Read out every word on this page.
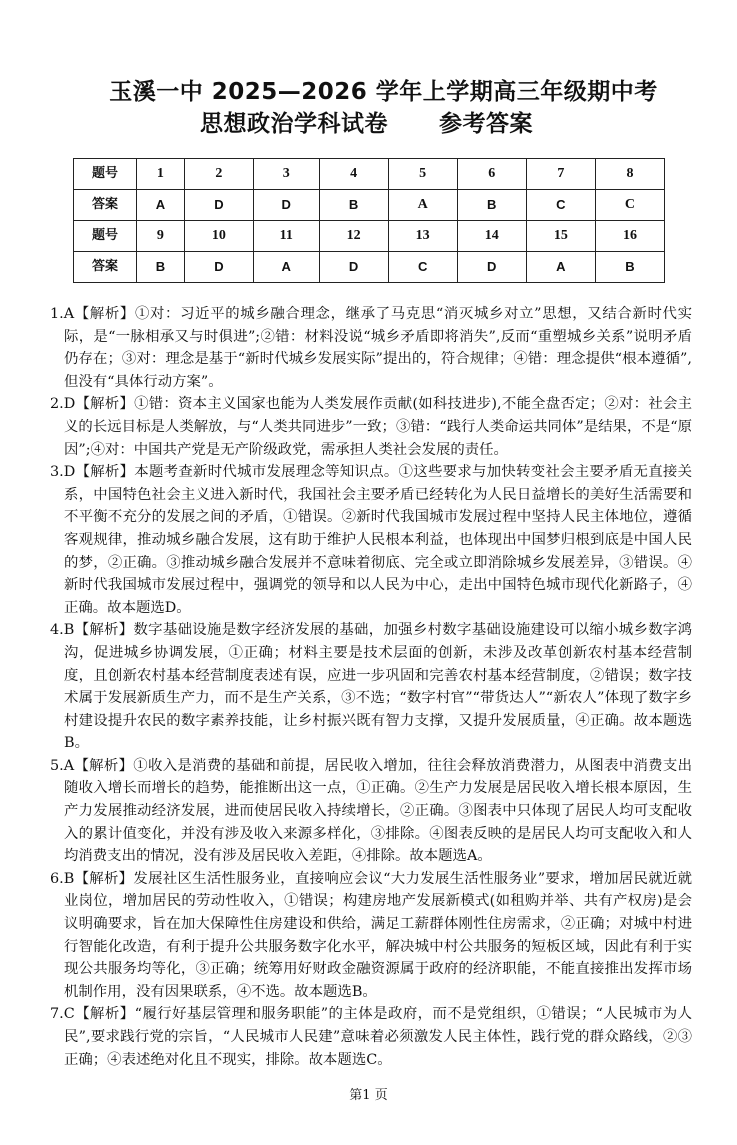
玉溪一中 2025—2026 学年上学期高三年级期中考
思想政治学科试卷      参考答案
题号	1	2	3	4	5	6	7	8
答案	A	D	D	B	A	B	C	C
题号	9	10	11	12	13	14	15	16
答案	B	D	A	D	C	D	A	B

1.A【解析】①对：习近平的城乡融合理念，继承了马克思“消灭城乡对立”思想，又结合新时代实际，是“一脉相承又与时俱进”;②错：材料没说“城乡矛盾即将消失”,反而“重塑城乡关系”说明矛盾仍存在；③对：理念是基于“新时代城乡发展实际”提出的，符合规律；④错：理念提供“根本遵循”,但没有“具体行动方案”。

2.D【解析】①错：资本主义国家也能为人类发展作贡献(如科技进步),不能全盘否定；②对：社会主义的长远目标是人类解放，与“人类共同进步”一致；③错：“践行人类命运共同体”是结果，不是“原因”;④对：中国共产党是无产阶级政党，需承担人类社会发展的责任。

3.D【解析】本题考查新时代城市发展理念等知识点。①这些要求与加快转变社会主要矛盾无直接关系，中国特色社会主义进入新时代，我国社会主要矛盾已经转化为人民日益增长的美好生活需要和不平衡不充分的发展之间的矛盾，①错误。②新时代我国城市发展过程中坚持人民主体地位，遵循客观规律，推动城乡融合发展，这有助于维护人民根本利益，也体现出中国梦归根到底是中国人民的梦，②正确。③推动城乡融合发展并不意味着彻底、完全或立即消除城乡发展差异，③错误。④新时代我国城市发展过程中，强调党的领导和以人民为中心，走出中国特色城市现代化新路子，④正确。故本题选D。

4.B【解析】数字基础设施是数字经济发展的基础，加强乡村数字基础设施建设可以缩小城乡数字鸿沟，促进城乡协调发展，①正确；材料主要是技术层面的创新，未涉及改革创新农村基本经营制度，且创新农村基本经营制度表述有误，应进一步巩固和完善农村基本经营制度，②错误；数字技术属于发展新质生产力，而不是生产关系，③不选；“数字村官”“带货达人”“新农人”体现了数字乡村建设提升农民的数字素养技能，让乡村振兴既有智力支撑，又提升发展质量，④正确。故本题选B。

5.A【解析】①收入是消费的基础和前提，居民收入增加，往往会释放消费潜力，从图表中消费支出随收入增长而增长的趋势，能推断出这一点，①正确。②生产力发展是居民收入增长根本原因，生产力发展推动经济发展，进而使居民收入持续增长，②正确。③图表中只体现了居民人均可支配收入的累计值变化，并没有涉及收入来源多样化，③排除。④图表反映的是居民人均可支配收入和人均消费支出的情况，没有涉及居民收入差距，④排除。故本题选A。

6.B【解析】发展社区生活性服务业，直接响应会议“大力发展生活性服务业”要求，增加居民就近就业岗位，增加居民的劳动性收入，①错误；构建房地产发展新模式(如租购并举、共有产权房)是会议明确要求，旨在加大保障性住房建设和供给，满足工薪群体刚性住房需求，②正确；对城中村进行智能化改造，有利于提升公共服务数字化水平，解决城中村公共服务的短板区域，因此有利于实现公共服务均等化，③正确；统筹用好财政金融资源属于政府的经济职能，不能直接推出发挥市场机制作用，没有因果联系，④不选。故本题选B。

7.C【解析】“履行好基层管理和服务职能”的主体是政府，而不是党组织，①错误；“人民城市为人民”,要求践行党的宗旨，“人民城市人民建”意味着必须激发人民主体性，践行党的群众路线，②③正确；④表述绝对化且不现实，排除。故本题选C。

第1 页
